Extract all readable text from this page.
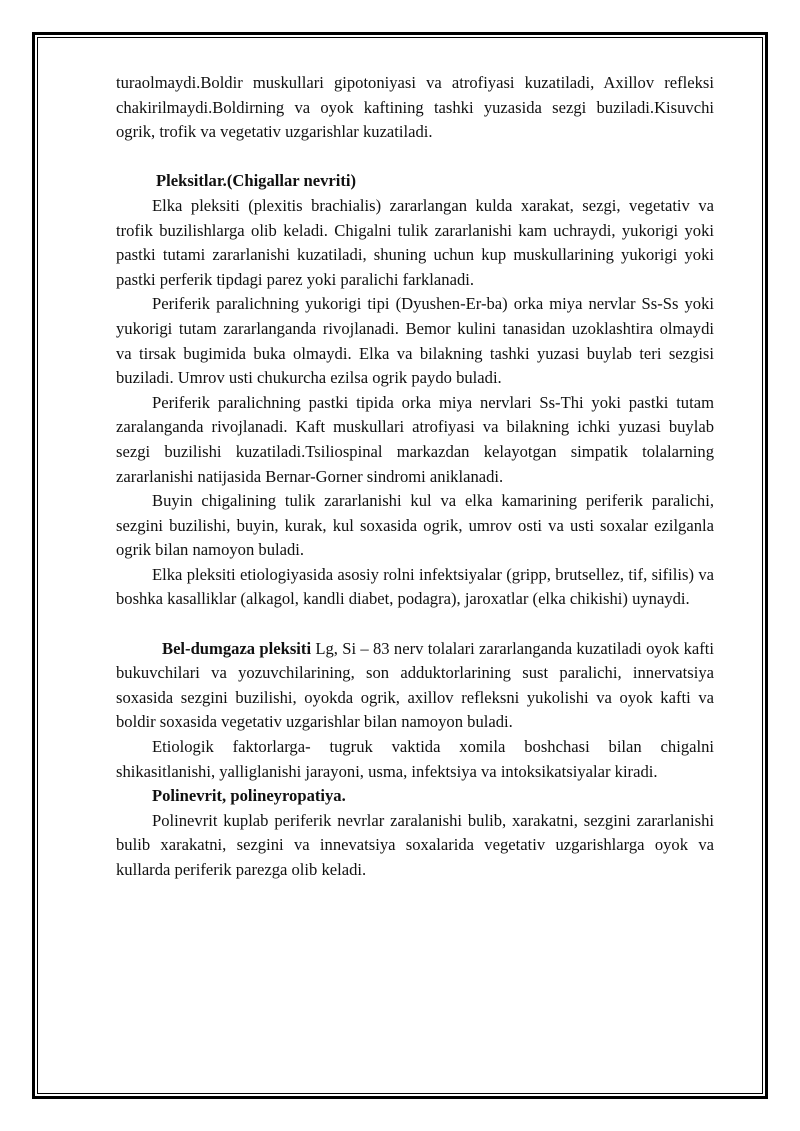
turaolmaydi.Boldir muskullari gipotoniyasi va atrofiyasi kuzatiladi, Axillov refleksi chakirilmaydi.Boldirning va oyok kaftining tashki yuzasida sezgi buziladi.Kisuvchi ogrik, trofik va vegetativ uzgarishlar kuzatiladi.

Pleksitlar.(Chigallar nevriti)

Elka pleksiti (plexitis brachialis) zararlangan kulda xarakat, sezgi, vegetativ va trofik buzilishlarga olib keladi. Chigalni tulik zararlanishi kam uchraydi, yukorigi yoki pastki tutami zararlanishi kuzatiladi, shuning uchun kup muskullarining yukorigi yoki pastki perferik tipdagi parez yoki paralichi farklanadi.

Periferik paralichning yukorigi tipi (Dyushen-Er-ba) orka miya nervlar Ss-Ss yoki yukorigi tutam zararlanganda rivojlanadi. Bemor kulini tanasidan uzoklashtira olmaydi va tirsak bugimida buka olmaydi. Elka va bilakning tashki yuzasi buylab teri sezgisi buziladi. Umrov usti chukurcha ezilsa ogrik paydo buladi.

Periferik paralichning pastki tipida orka miya nervlari Ss-Thi yoki pastki tutam zaralanganda rivojlanadi. Kaft muskullari atrofiyasi va bilakning ichki yuzasi buylab sezgi buzilishi kuzatiladi.Tsiliospinal markazdan kelayotgan simpatik tolalarning zararlanishi natijasida Bernar-Gorner sindromi aniklanadi.

Buyin chigalining tulik zararlanishi kul va elka kamarining periferik paralichi, sezgini buzilishi, buyin, kurak, kul soxasida ogrik, umrov osti va usti soxalar ezilganla ogrik bilan namoyon buladi.

Elka pleksiti etiologiyasida asosiy rolni infektsiyalar (gripp, brutsellez, tif, sifilis) va boshka kasalliklar (alkagol, kandli diabet, podagra), jaroxatlar (elka chikishi) uynaydi.

Bel-dumgaza pleksiti Lg, Si – 83 nerv tolalari zararlanganda kuzatiladi oyok kafti bukuvchilari va yozuvchilarining, son adduktorlarining sust paralichi, innervatsiya soxasida sezgini buzilishi, oyokda ogrik, axillov refleksni yukolishi va oyok kafti va boldir soxasida vegetativ uzgarishlar bilan namoyon buladi.

Etiologik faktorlarga- tugruk vaktida xomila boshchasi bilan chigalni shikasitlanishi, yalliglanishi jarayoni, usma, infektsiya va intoksikatsiyalar kiradi.

Polinevrit, polineyropatiya.

Polinevrit kuplab periferik nevrlar zaralanishi bulib, xarakatni, sezgini zararlanishi bulib xarakatni, sezgini va innevatsiya soxalarida vegetativ uzgarishlarga oyok va kullarda periferik parezga olib keladi.
